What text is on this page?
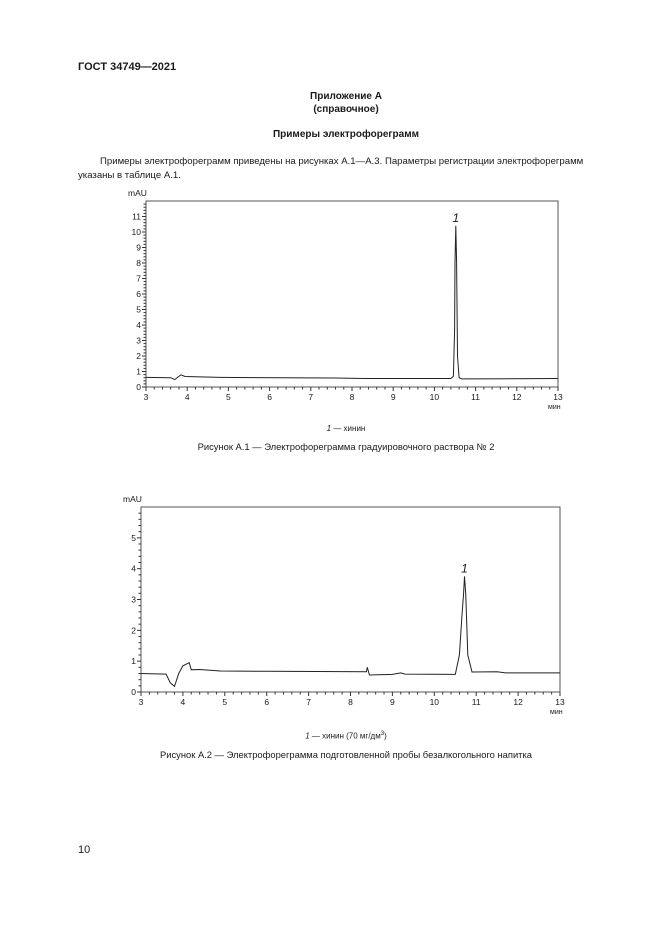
ГОСТ 34749—2021
Приложение А
(справочное)
Примеры электрофореграмм
Примеры электрофореграмм приведены на рисунках А.1—А.3. Параметры регистрации электрофореграмм указаны в таблице А.1.
mAU
мин
3	4	5	6	7	8	9	10	11	12	13
0
1
2
3
4
5
6
7
8
9
10
11	1
1 — хинин
Рисунок А.1 — Электрофореграмма градуировочного раствора № 2
mAU
мин
3	4	5	6	7	8	9	10	11	12	13
0
1
2
3
4
5
1
1 — хинин (70 $мг/дм^3$)
Рисунок А.2 — Электрофореграмма подготовленной пробы безалкогольного напитка
10
